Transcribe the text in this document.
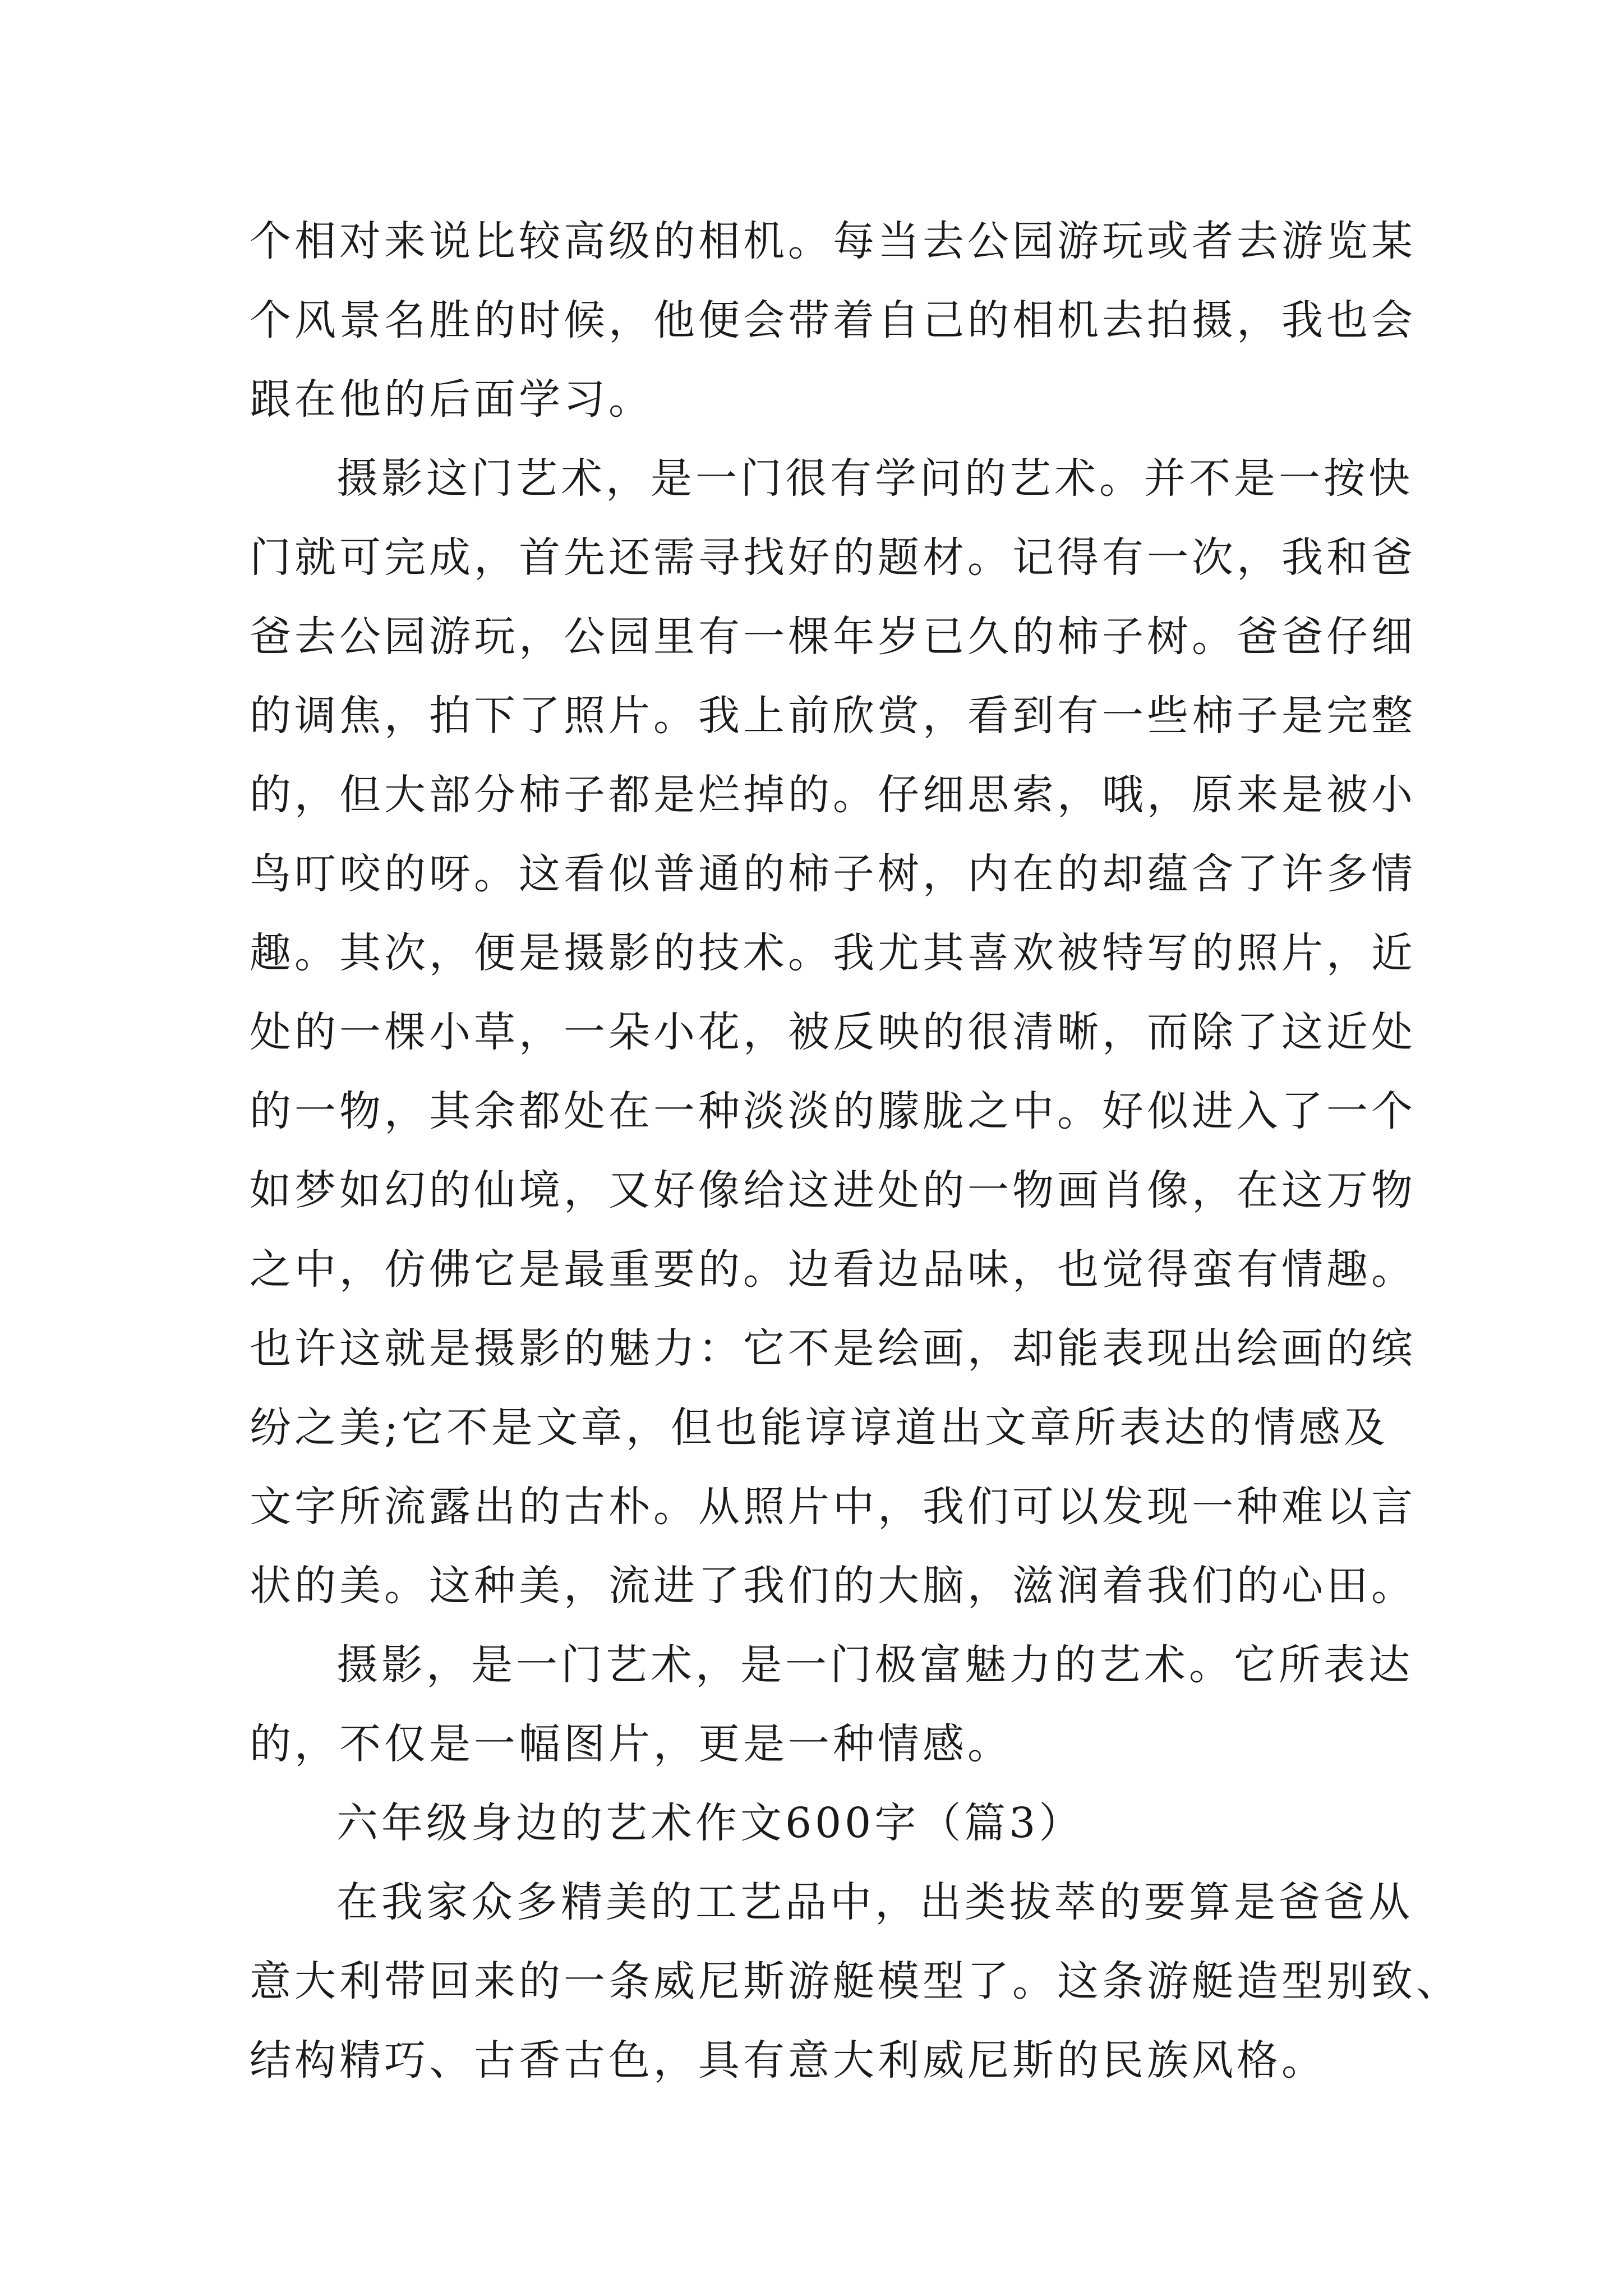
个相对来说比较高级的相机。每当去公园游玩或者去游览某
个风景名胜的时候，他便会带着自己的相机去拍摄，我也会
跟在他的后面学习。
摄影这门艺术，是一门很有学问的艺术。并不是一按快
门就可完成，首先还需寻找好的题材。记得有一次，我和爸
爸去公园游玩，公园里有一棵年岁已久的柿子树。爸爸仔细
的调焦，拍下了照片。我上前欣赏，看到有一些柿子是完整
的，但大部分柿子都是烂掉的。仔细思索，哦，原来是被小
鸟叮咬的呀。这看似普通的柿子树，内在的却蕴含了许多情
趣。其次，便是摄影的技术。我尤其喜欢被特写的照片，近
处的一棵小草，一朵小花，被反映的很清晰，而除了这近处
的一物，其余都处在一种淡淡的朦胧之中。好似进入了一个
如梦如幻的仙境，又好像给这进处的一物画肖像，在这万物
之中，仿佛它是最重要的。边看边品味，也觉得蛮有情趣。
也许这就是摄影的魅力：它不是绘画，却能表现出绘画的缤
纷之美;它不是文章，但也能谆谆道出文章所表达的情感及
文字所流露出的古朴。从照片中，我们可以发现一种难以言
状的美。这种美，流进了我们的大脑，滋润着我们的心田。
摄影，是一门艺术，是一门极富魅力的艺术。它所表达
的，不仅是一幅图片，更是一种情感。
六年级身边的艺术作文600字（篇3）
在我家众多精美的工艺品中，出类拔萃的要算是爸爸从
意大利带回来的一条威尼斯游艇模型了。这条游艇造型别致、
结构精巧、古香古色，具有意大利威尼斯的民族风格。
